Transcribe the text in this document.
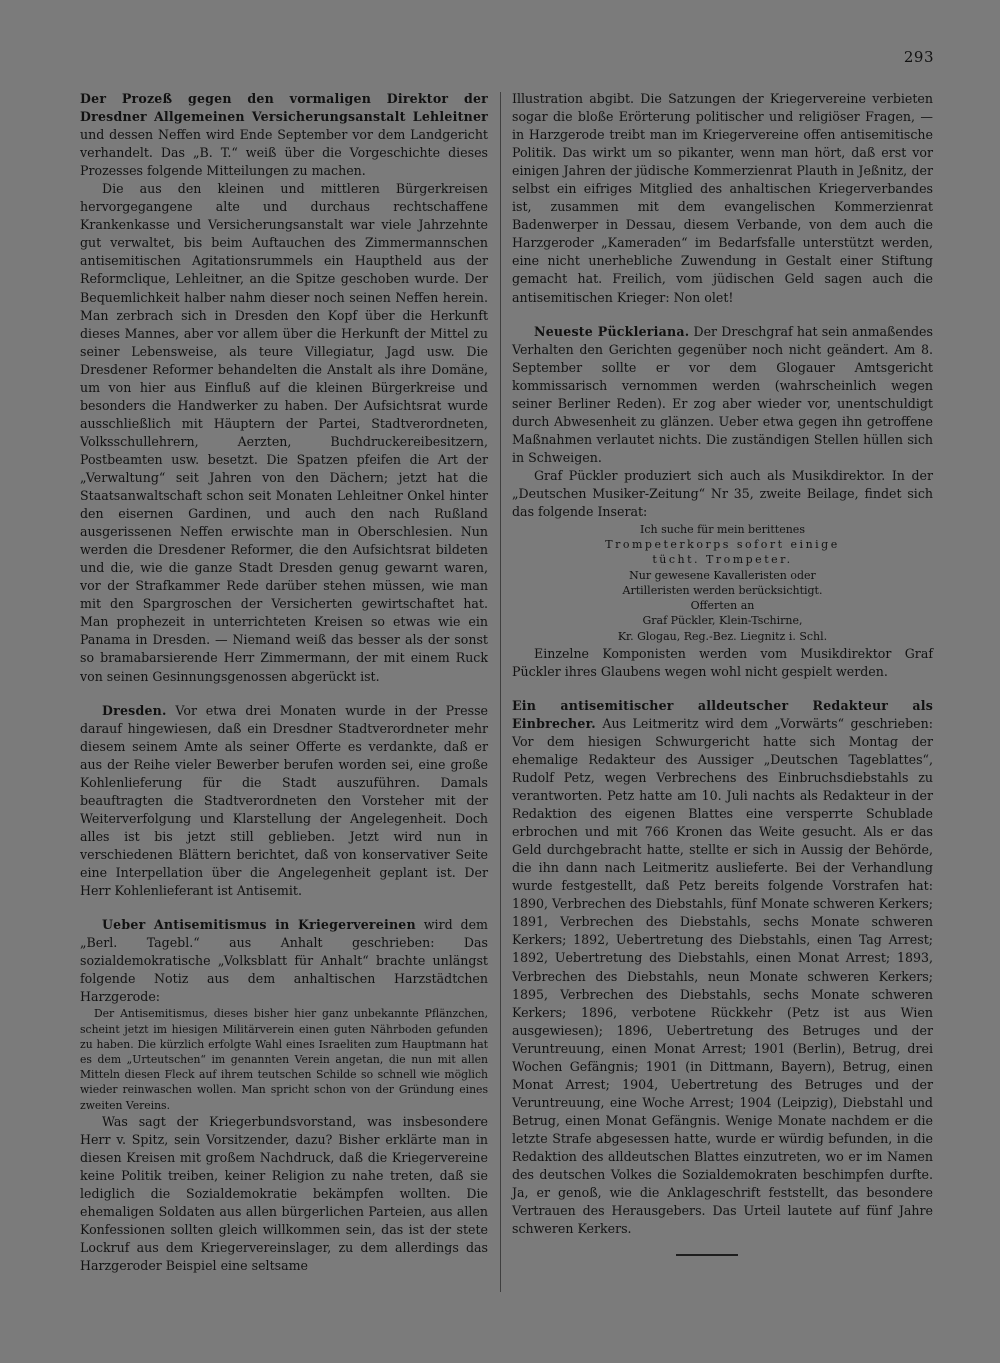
293

Der Prozeß gegen den vormaligen Direktor der Dresdner Allgemeinen Versicherungsanstalt Lehleitner und dessen Neffen wird Ende September vor dem Landgericht verhandelt. Das „B. T.“ weiß über die Vorgeschichte dieses Prozesses folgende Mitteilungen zu machen.

Die aus den kleinen und mittleren Bürgerkreisen hervorgegangene alte und durchaus rechtschaffene Krankenkasse und Versicherungsanstalt war viele Jahrzehnte gut verwaltet, bis beim Auftauchen des Zimmermannschen antisemitischen Agitationsrummels ein Hauptheld aus der Reformclique, Lehleitner, an die Spitze geschoben wurde. Der Bequemlichkeit halber nahm dieser noch seinen Neffen herein. Man zerbrach sich in Dresden den Kopf über die Herkunft dieses Mannes, aber vor allem über die Herkunft der Mittel zu seiner Lebensweise, als teure Villegiatur, Jagd usw. Die Dresdener Reformer behandelten die Anstalt als ihre Domäne, um von hier aus Einfluß auf die kleinen Bürgerkreise und besonders die Handwerker zu haben. Der Aufsichtsrat wurde ausschließlich mit Häuptern der Partei, Stadtverordneten, Volksschullehrern, Aerzten, Buchdruckereibesitzern, Postbeamten usw. besetzt. Die Spatzen pfeifen die Art der „Verwaltung“ seit Jahren von den Dächern; jetzt hat die Staatsanwaltschaft schon seit Monaten Lehleitner Onkel hinter den eisernen Gardinen, und auch den nach Rußland ausgerissenen Neffen erwischte man in Oberschlesien. Nun werden die Dresdener Reformer, die den Aufsichtsrat bildeten und die, wie die ganze Stadt Dresden genug gewarnt waren, vor der Strafkammer Rede darüber stehen müssen, wie man mit den Spargroschen der Versicherten gewirtschaftet hat. Man prophezeit in unterrichteten Kreisen so etwas wie ein Panama in Dresden. — Niemand weiß das besser als der sonst so bramabarsierende Herr Zimmermann, der mit einem Ruck von seinen Gesinnungsgenossen abgerückt ist.

Dresden. Vor etwa drei Monaten wurde in der Presse darauf hingewiesen, daß ein Dresdner Stadtverordneter mehr diesem seinem Amte als seiner Offerte es verdankte, daß er aus der Reihe vieler Bewerber berufen worden sei, eine große Kohlenlieferung für die Stadt auszuführen. Damals beauftragten die Stadtverordneten den Vorsteher mit der Weiterverfolgung und Klarstellung der Angelegenheit. Doch alles ist bis jetzt still geblieben. Jetzt wird nun in verschiedenen Blättern berichtet, daß von konservativer Seite eine Interpellation über die Angelegenheit geplant ist. Der Herr Kohlenlieferant ist Antisemit.

Ueber Antisemitismus in Kriegervereinen wird dem „Berl. Tagebl.“ aus Anhalt geschrieben: Das sozialdemokratische „Volksblatt für Anhalt“ brachte unlängst folgende Notiz aus dem anhaltischen Harzstädtchen Harzgerode:

Der Antisemitismus, dieses bisher hier ganz unbekannte Pflänzchen, scheint jetzt im hiesigen Militärverein einen guten Nährboden gefunden zu haben. Die kürzlich erfolgte Wahl eines Israeliten zum Hauptmann hat es dem „Urteutschen“ im genannten Verein angetan, die nun mit allen Mitteln diesen Fleck auf ihrem teutschen Schilde so schnell wie möglich wieder reinwaschen wollen. Man spricht schon von der Gründung eines zweiten Vereins.

Was sagt der Kriegerbundsvorstand, was insbesondere Herr v. Spitz, sein Vorsitzender, dazu? Bisher erklärte man in diesen Kreisen mit großem Nachdruck, daß die Kriegervereine keine Politik treiben, keiner Religion zu nahe treten, daß sie lediglich die Sozialdemokratie bekämpfen wollten. Die ehemaligen Soldaten aus allen bürgerlichen Parteien, aus allen Konfessionen sollten gleich willkommen sein, das ist der stete Lockruf aus dem Kriegervereinslager, zu dem allerdings das Harzgeroder Beispiel eine seltsame

Illustration abgibt. Die Satzungen der Kriegervereine verbieten sogar die bloße Erörterung politischer und religiöser Fragen, — in Harzgerode treibt man im Kriegervereine offen antisemitische Politik. Das wirkt um so pikanter, wenn man hört, daß erst vor einigen Jahren der jüdische Kommerzienrat Plauth in Jeßnitz, der selbst ein eifriges Mitglied des anhaltischen Kriegerverbandes ist, zusammen mit dem evangelischen Kommerzienrat Badenwerper in Dessau, diesem Verbande, von dem auch die Harzgeroder „Kameraden“ im Bedarfsfalle unterstützt werden, eine nicht unerhebliche Zuwendung in Gestalt einer Stiftung gemacht hat. Freilich, vom jüdischen Geld sagen auch die antisemitischen Krieger: Non olet!

Neueste Pückleriana. Der Dreschgraf hat sein anmaßendes Verhalten den Gerichten gegenüber noch nicht geändert. Am 8. September sollte er vor dem Glogauer Amtsgericht kommissarisch vernommen werden (wahrscheinlich wegen seiner Berliner Reden). Er zog aber wieder vor, unentschuldigt durch Abwesenheit zu glänzen. Ueber etwa gegen ihn getroffene Maßnahmen verlautet nichts. Die zuständigen Stellen hüllen sich in Schweigen.

Graf Pückler produziert sich auch als Musikdirektor. In der „Deutschen Musiker-Zeitung“ Nr 35, zweite Beilage, findet sich das folgende Inserat:

Ich suche für mein berittenes
Trompeterkorps sofort einige
tücht. Trompeter.
Nur gewesene Kavalleristen oder
Artilleristen werden berücksichtigt.
Offerten an
Graf Pückler, Klein-Tschirne,
Kr. Glogau, Reg.-Bez. Liegnitz i. Schl.

Einzelne Komponisten werden vom Musikdirektor Graf Pückler ihres Glaubens wegen wohl nicht gespielt werden.

Ein antisemitischer alldeutscher Redakteur als Einbrecher. Aus Leitmeritz wird dem „Vorwärts“ geschrieben: Vor dem hiesigen Schwurgericht hatte sich Montag der ehemalige Redakteur des Aussiger „Deutschen Tageblattes“, Rudolf Petz, wegen Verbrechens des Einbruchsdiebstahls zu verantworten. Petz hatte am 10. Juli nachts als Redakteur in der Redaktion des eigenen Blattes eine versperrte Schublade erbrochen und mit 766 Kronen das Weite gesucht. Als er das Geld durchgebracht hatte, stellte er sich in Aussig der Behörde, die ihn dann nach Leitmeritz auslieferte. Bei der Verhandlung wurde festgestellt, daß Petz bereits folgende Vorstrafen hat: 1890, Verbrechen des Diebstahls, fünf Monate schweren Kerkers; 1891, Verbrechen des Diebstahls, sechs Monate schweren Kerkers; 1892, Uebertretung des Diebstahls, einen Tag Arrest; 1892, Uebertretung des Diebstahls, einen Monat Arrest; 1893, Verbrechen des Diebstahls, neun Monate schweren Kerkers; 1895, Verbrechen des Diebstahls, sechs Monate schweren Kerkers; 1896, verbotene Rückkehr (Petz ist aus Wien ausgewiesen); 1896, Uebertretung des Betruges und der Veruntreuung, einen Monat Arrest; 1901 (Berlin), Betrug, drei Wochen Gefängnis; 1901 (in Dittmann, Bayern), Betrug, einen Monat Arrest; 1904, Uebertretung des Betruges und der Veruntreuung, eine Woche Arrest; 1904 (Leipzig), Diebstahl und Betrug, einen Monat Gefängnis. Wenige Monate nachdem er die letzte Strafe abgesessen hatte, wurde er würdig befunden, in die Redaktion des alldeutschen Blattes einzutreten, wo er im Namen des deutschen Volkes die Sozialdemokraten beschimpfen durfte. Ja, er genoß, wie die Anklageschrift feststellt, das besondere Vertrauen des Herausgebers. Das Urteil lautete auf fünf Jahre schweren Kerkers.
